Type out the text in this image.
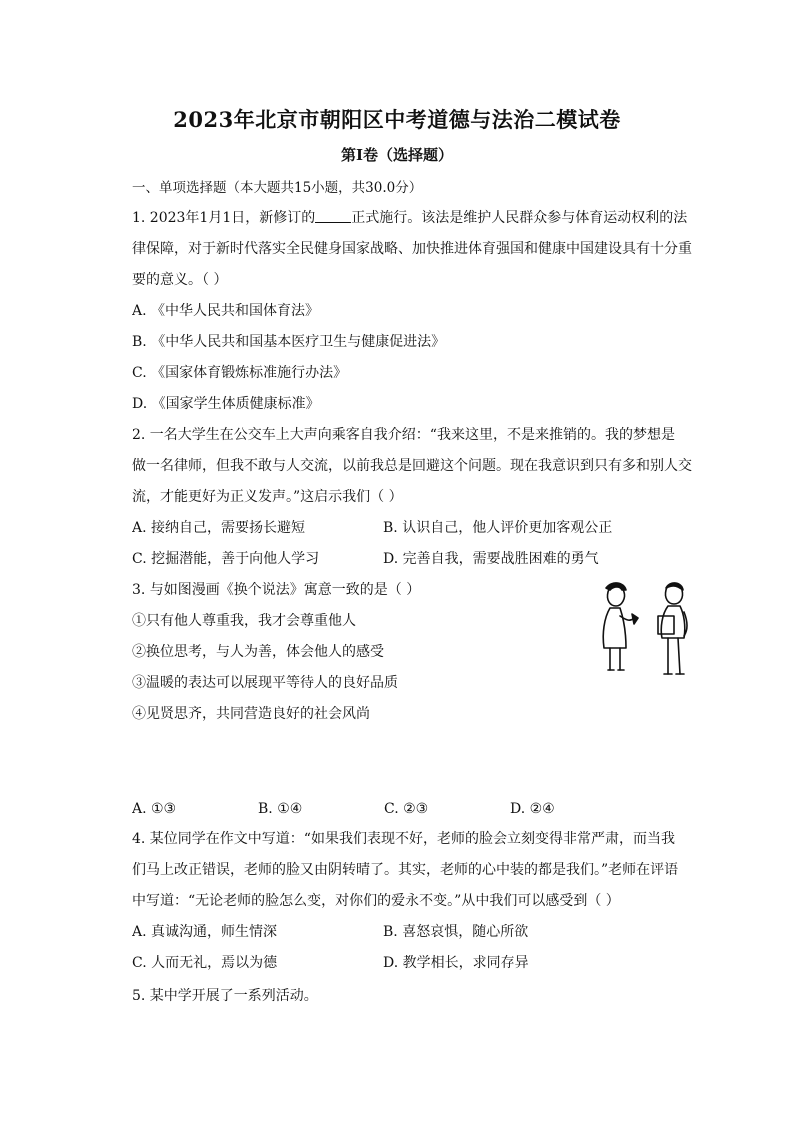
2023年北京市朝阳区中考道德与法治二模试卷
第Ⅰ卷（选择题）
一、单项选择题（本大题共15小题，共30.0分）
1. 2023年1月1日，新修订的	正式施行。该法是维护人民群众参与体育运动权利的法
律保障，对于新时代落实全民健身国家战略、加快推进体育强国和健康中国建设具有十分重
要的意义。（ ）
A. 《中华人民共和国体育法》
B. 《中华人民共和国基本医疗卫生与健康促进法》
C. 《国家体育锻炼标准施行办法》
D. 《国家学生体质健康标准》
2. 一名大学生在公交车上大声向乘客自我介绍：“我来这里，不是来推销的。我的梦想是
做一名律师，但我不敢与人交流，以前我总是回避这个问题。现在我意识到只有多和别人交
流，才能更好为正义发声。”这启示我们（ ）
A. 接纳自己，需要扬长避短	B. 认识自己，他人评价更加客观公正
C. 挖掘潜能，善于向他人学习	D. 完善自我，需要战胜困难的勇气
3. 与如图漫画《换个说法》寓意一致的是（ ）
①只有他人尊重我，我才会尊重他人
②换位思考，与人为善，体会他人的感受
③温暖的表达可以展现平等待人的良好品质
④见贤思齐，共同营造良好的社会风尚
A. ①③	B. ①④	C. ②③	D. ②④
4. 某位同学在作文中写道：“如果我们表现不好，老师的脸会立刻变得非常严肃，而当我
们马上改正错误，老师的脸又由阴转晴了。其实，老师的心中装的都是我们。”老师在评语
中写道：“无论老师的脸怎么变，对你们的爱永不变。”从中我们可以感受到（ ）
A. 真诚沟通，师生情深	B. 喜怒哀惧，随心所欲
C. 人而无礼，焉以为德	D. 教学相长，求同存异
5. 某中学开展了一系列活动。
